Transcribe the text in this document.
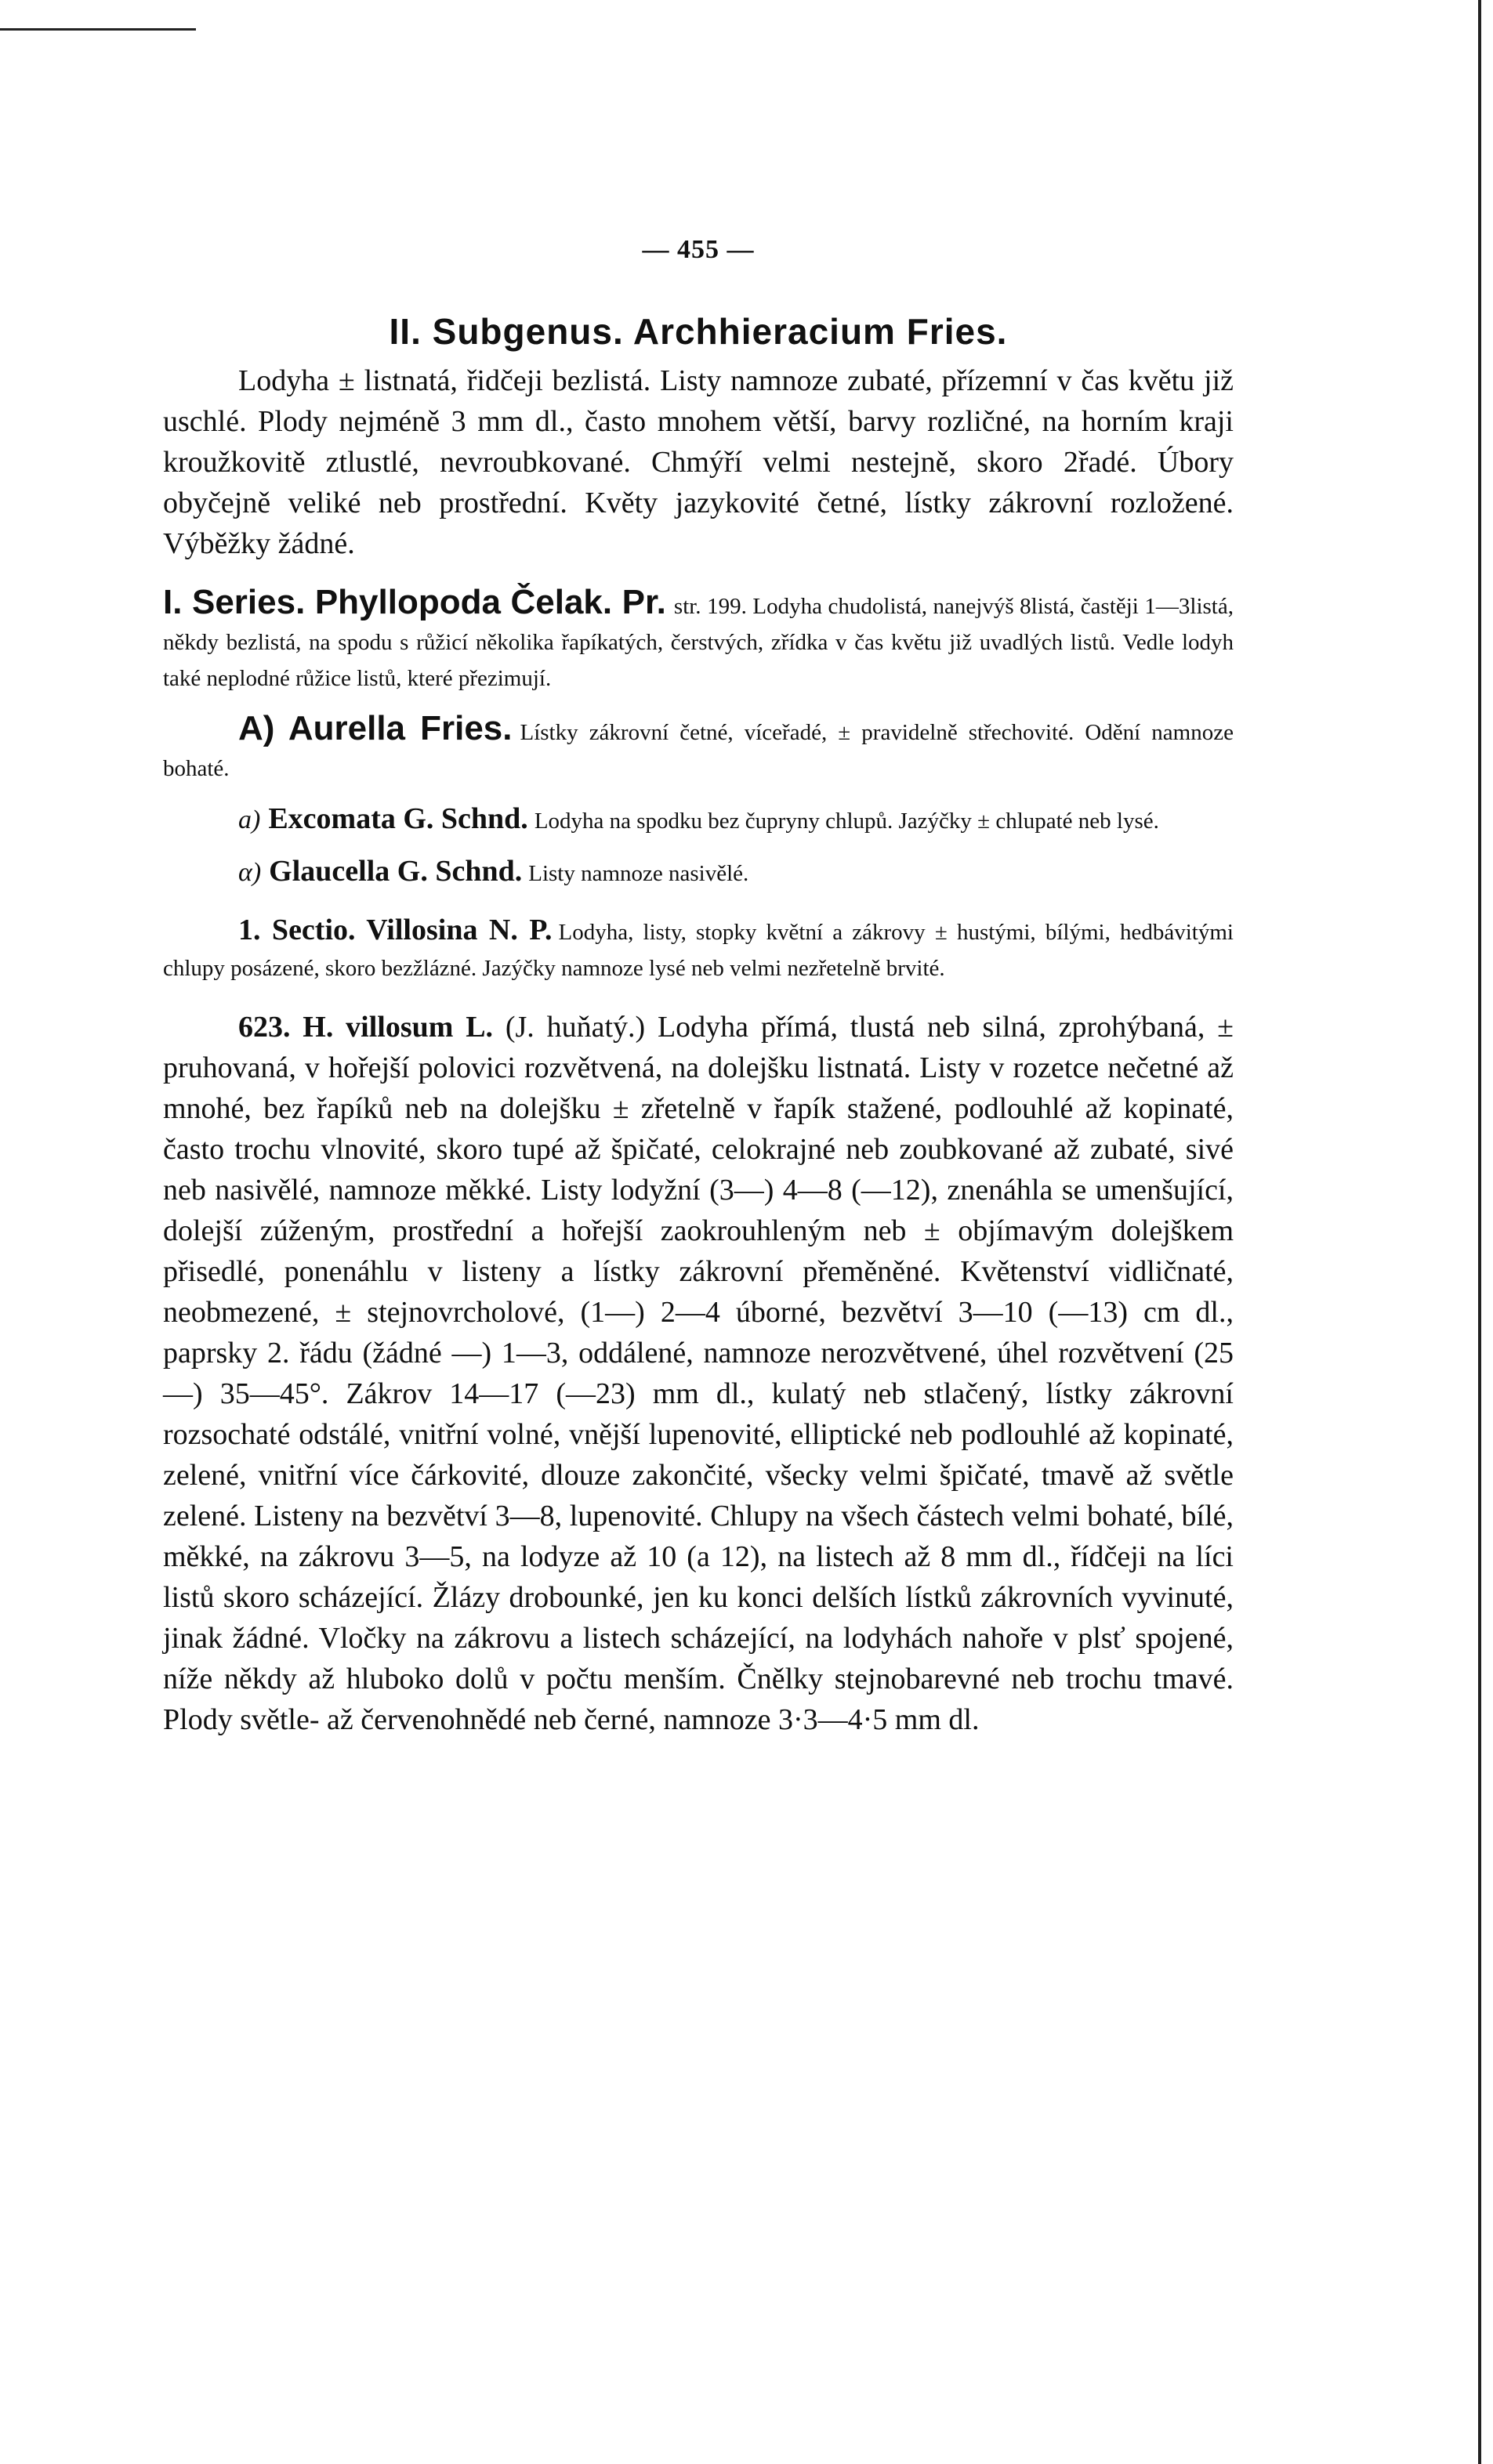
— 455 —
II. Subgenus. Archhieracium Fries.

Lodyha ± listnatá, řidčeji bezlistá. Listy namnoze zubaté, přízemní v čas květu již uschlé. Plody nejméně 3 mm dl., často mnohem větší, barvy rozličné, na horním kraji kroužkovitě ztlustlé, nevroubkované. Chmýří velmi nestejně, skoro 2řadé. Úbory obyčejně veliké neb prostřední. Květy jazykovité četné, lístky zákrovní rozložené. Výběžky žádné.

I. Series. Phyllopoda Čelak. Pr. str. 199. Lodyha chudolistá, nanejvýš 8listá, častěji 1—3listá, někdy bezlistá, na spodu s růžicí několika řapíkatých, čerstvých, zřídka v čas květu již uvadlých listů. Vedle lodyh také neplodné růžice listů, které přezimují.

A) Aurella Fries. Lístky zákrovní četné, víceřadé, ± pravidelně střechovité. Odění namnoze bohaté.

a) Excomata G. Schnd. Lodyha na spodku bez čupryny chlupů. Jazýčky ± chlupaté neb lysé.

α) Glaucella G. Schnd. Listy namnoze nasivělé.

1. Sectio. Villosina N. P. Lodyha, listy, stopky květní a zákrovy ± hustými, bílými, hedbávitými chlupy posázené, skoro bezžlázné. Jazýčky namnoze lysé neb velmi nezřetelně brvité.

623. H. villosum L. (J. huňatý.) Lodyha přímá, tlustá neb silná, zprohýbaná, ± pruhovaná, v hořejší polovici rozvětvená, na dolejšku listnatá. Listy v rozetce nečetné až mnohé, bez řapíků neb na dolejšku ± zřetelně v řapík stažené, podlouhlé až kopinaté, často trochu vlnovité, skoro tupé až špičaté, celokrajné neb zoubkované až zubaté, sivé neb nasivělé, namnoze měkké. Listy lodyžní (3—) 4—8 (—12), znenáhla se umenšující, dolejší zúženým, prostřední a hořejší zaokrouhleným neb ± objímavým dolejškem přisedlé, ponenáhlu v listeny a lístky zákrovní přeměněné. Květenství vidličnaté, neobmezené, ± stejnovrcholové, (1—) 2—4 úborné, bezvětví 3—10 (—13) cm dl., paprsky 2. řádu (žádné —) 1—3, oddálené, namnoze nerozvětvené, úhel rozvětvení (25—) 35—45°. Zákrov 14—17 (—23) mm dl., kulatý neb stlačený, lístky zákrovní rozsochaté odstálé, vnitřní volné, vnější lupenovité, elliptické neb podlouhlé až kopinaté, zelené, vnitřní více čárkovité, dlouze zakončité, všecky velmi špičaté, tmavě až světle zelené. Listeny na bezvětví 3—8, lupenovité. Chlupy na všech částech velmi bohaté, bílé, měkké, na zákrovu 3—5, na lodyze až 10 (a 12), na listech až 8 mm dl., řídčeji na líci listů skoro scházející. Žlázy drobounké, jen ku konci delších lístků zákrovních vyvinuté, jinak žádné. Vločky na zákrovu a listech scházející, na lodyhách nahoře v plsť spojené, níže někdy až hluboko dolů v počtu menším. Čnělky stejnobarevné neb trochu tmavé. Plody světle- až červenohnědé neb černé, namnoze 3·3—4·5 mm dl.
